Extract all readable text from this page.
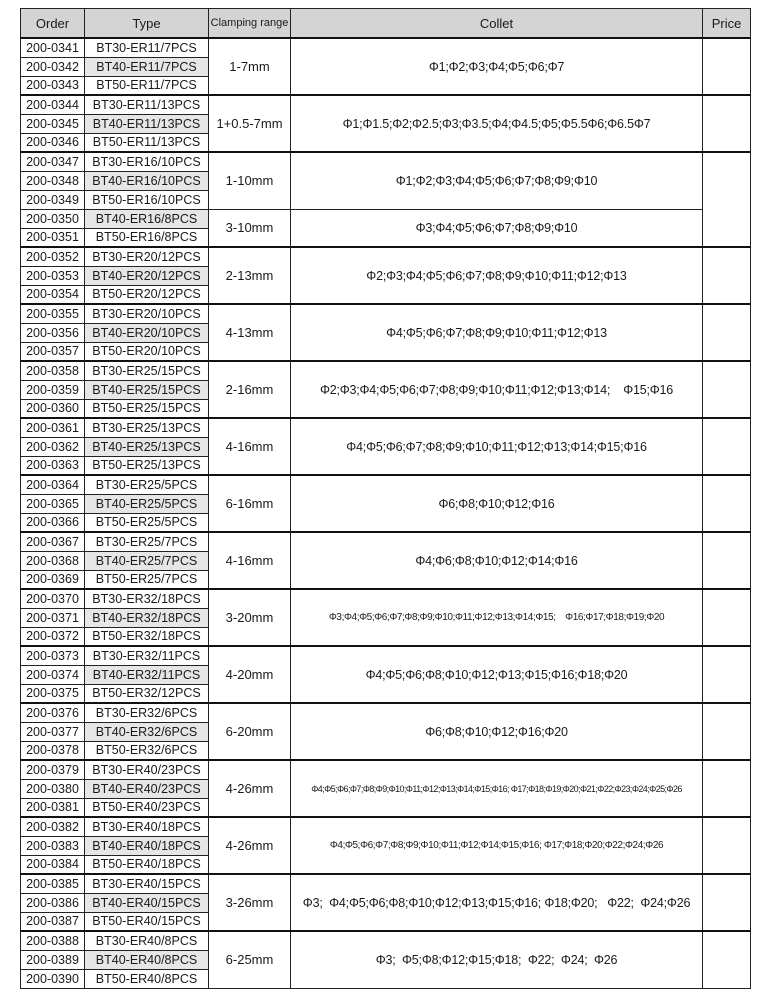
Order	Type	Clamping range	Collet	Price
200-0341	BT30-ER11/7PCS	1-7mm	Φ1;Φ2;Φ3;Φ4;Φ5;Φ6;Φ7	
200-0342	BT40-ER11/7PCS			
200-0343	BT50-ER11/7PCS			
200-0344	BT30-ER11/13PCS	1+0.5-7mm	Φ1;Φ1.5;Φ2;Φ2.5;Φ3;Φ3.5;Φ4;Φ4.5;Φ5;Φ5.5Φ6;Φ6.5Φ7	
200-0345	BT40-ER11/13PCS			
200-0346	BT50-ER11/13PCS			
200-0347	BT30-ER16/10PCS	1-10mm	Φ1;Φ2;Φ3;Φ4;Φ5;Φ6;Φ7;Φ8;Φ9;Φ10	
200-0348	BT40-ER16/10PCS			
200-0349	BT50-ER16/10PCS			
200-0350	BT40-ER16/8PCS	3-10mm	Φ3;Φ4;Φ5;Φ6;Φ7;Φ8;Φ9;Φ10	
200-0351	BT50-ER16/8PCS			
200-0352	BT30-ER20/12PCS	2-13mm	Φ2;Φ3;Φ4;Φ5;Φ6;Φ7;Φ8;Φ9;Φ10;Φ11;Φ12;Φ13	
200-0353	BT40-ER20/12PCS			
200-0354	BT50-ER20/12PCS			
200-0355	BT30-ER20/10PCS	4-13mm	Φ4;Φ5;Φ6;Φ7;Φ8;Φ9;Φ10;Φ11;Φ12;Φ13	
200-0356	BT40-ER20/10PCS			
200-0357	BT50-ER20/10PCS			
200-0358	BT30-ER25/15PCS	2-16mm	Φ2;Φ3;Φ4;Φ5;Φ6;Φ7;Φ8;Φ9;Φ10;Φ11;Φ12;Φ13;Φ14;    Φ15;Φ16	
200-0359	BT40-ER25/15PCS			
200-0360	BT50-ER25/15PCS			
200-0361	BT30-ER25/13PCS	4-16mm	Φ4;Φ5;Φ6;Φ7;Φ8;Φ9;Φ10;Φ11;Φ12;Φ13;Φ14;Φ15;Φ16	
200-0362	BT40-ER25/13PCS			
200-0363	BT50-ER25/13PCS			
200-0364	BT30-ER25/5PCS	6-16mm	Φ6;Φ8;Φ10;Φ12;Φ16	
200-0365	BT40-ER25/5PCS			
200-0366	BT50-ER25/5PCS			
200-0367	BT30-ER25/7PCS	4-16mm	Φ4;Φ6;Φ8;Φ10;Φ12;Φ14;Φ16	
200-0368	BT40-ER25/7PCS			
200-0369	BT50-ER25/7PCS			
200-0370	BT30-ER32/18PCS	3-20mm	Φ3;Φ4;Φ5;Φ6;Φ7;Φ8;Φ9;Φ10;Φ11;Φ12;Φ13;Φ14;Φ15;    Φ16;Φ17;Φ18;Φ19;Φ20	
200-0371	BT40-ER32/18PCS			
200-0372	BT50-ER32/18PCS			
200-0373	BT30-ER32/11PCS	4-20mm	Φ4;Φ5;Φ6;Φ8;Φ10;Φ12;Φ13;Φ15;Φ16;Φ18;Φ20	
200-0374	BT40-ER32/11PCS			
200-0375	BT50-ER32/12PCS			
200-0376	BT30-ER32/6PCS	6-20mm	Φ6;Φ8;Φ10;Φ12;Φ16;Φ20	
200-0377	BT40-ER32/6PCS			
200-0378	BT50-ER32/6PCS			
200-0379	BT30-ER40/23PCS	4-26mm	Φ4;Φ5;Φ6;Φ7;Φ8;Φ9;Φ10;Φ11;Φ12;Φ13;Φ14;Φ15;Φ16; Φ17;Φ18;Φ19;Φ20;Φ21;Φ22;Φ23;Φ24;Φ25;Φ26	
200-0380	BT40-ER40/23PCS			
200-0381	BT50-ER40/23PCS			
200-0382	BT30-ER40/18PCS	4-26mm	Φ4;Φ5;Φ6;Φ7;Φ8;Φ9;Φ10;Φ11;Φ12;Φ14;Φ15;Φ16; Φ17;Φ18;Φ20;Φ22;Φ24;Φ26	
200-0383	BT40-ER40/18PCS			
200-0384	BT50-ER40/18PCS			
200-0385	BT30-ER40/15PCS	3-26mm	Φ3;  Φ4;Φ5;Φ6;Φ8;Φ10;Φ12;Φ13;Φ15;Φ16; Φ18;Φ20;   Φ22;  Φ24;Φ26	
200-0386	BT40-ER40/15PCS			
200-0387	BT50-ER40/15PCS			
200-0388	BT30-ER40/8PCS	6-25mm	Φ3;  Φ5;Φ8;Φ12;Φ15;Φ18;  Φ22;  Φ24;  Φ26	
200-0389	BT40-ER40/8PCS			
200-0390	BT50-ER40/8PCS			
